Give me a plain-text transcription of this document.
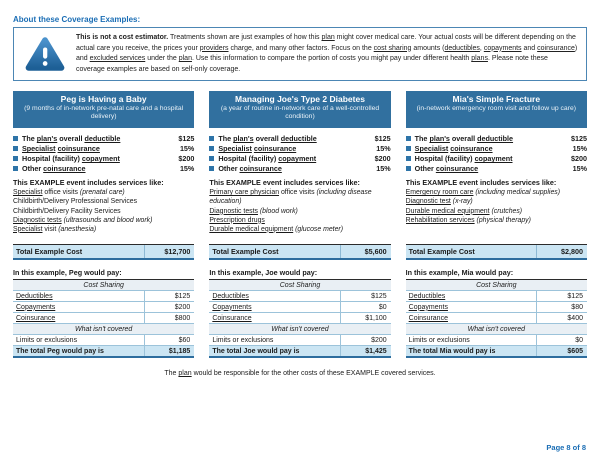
About these Coverage Examples:
This is not a cost estimator. Treatments shown are just examples of how this plan might cover medical care. Your actual costs will be different depending on the actual care you receive, the prices your providers charge, and many other factors. Focus on the cost sharing amounts (deductibles, copayments and coinsurance) and excluded services under the plan. Use this information to compare the portion of costs you might pay under different health plans. Please note these coverage examples are based on self-only coverage.
Peg is Having a Baby
(9 months of in-network pre-natal care and a hospital delivery)
The plan's overall deductible	$125
Specialist coinsurance	15%
Hospital (facility) copayment	$200
Other coinsurance	15%
This EXAMPLE event includes services like:
Specialist office visits (prenatal care)
Childbirth/Delivery Professional Services
Childbirth/Delivery Facility Services
Diagnostic tests (ultrasounds and blood work)
Specialist visit (anesthesia)
Total Example Cost	$12,700
In this example, Peg would pay:
Cost Sharing
Deductibles	$125
Copayments	$200
Coinsurance	$800
What isn't covered
Limits or exclusions	$60
The total Peg would pay is	$1,185
Managing Joe's Type 2 Diabetes
(a year of routine in-network care of a well-controlled condition)
The plan's overall deductible	$125
Specialist coinsurance	15%
Hospital (facility) copayment	$200
Other coinsurance	15%
This EXAMPLE event includes services like:
Primary care physician office visits (including disease education)
Diagnostic tests (blood work)
Prescription drugs
Durable medical equipment (glucose meter)
Total Example Cost	$5,600
In this example, Joe would pay:
Cost Sharing
Deductibles	$125
Copayments	$0
Coinsurance	$1,100
What isn't covered
Limits or exclusions	$200
The total Joe would pay is	$1,425
Mia's Simple Fracture
(in-network emergency room visit and follow up care)
The plan's overall deductible	$125
Specialist coinsurance	15%
Hospital (facility) copayment	$200
Other coinsurance	15%
This EXAMPLE event includes services like:
Emergency room care (including medical supplies)
Diagnostic test (x-ray)
Durable medical equipment (crutches)
Rehabilitation services (physical therapy)
Total Example Cost	$2,800
In this example, Mia would pay:
Cost Sharing
Deductibles	$125
Copayments	$80
Coinsurance	$400
What isn't covered
Limits or exclusions	$0
The total Mia would pay is	$605
The plan would be responsible for the other costs of these EXAMPLE covered services.
Page 8 of 8
